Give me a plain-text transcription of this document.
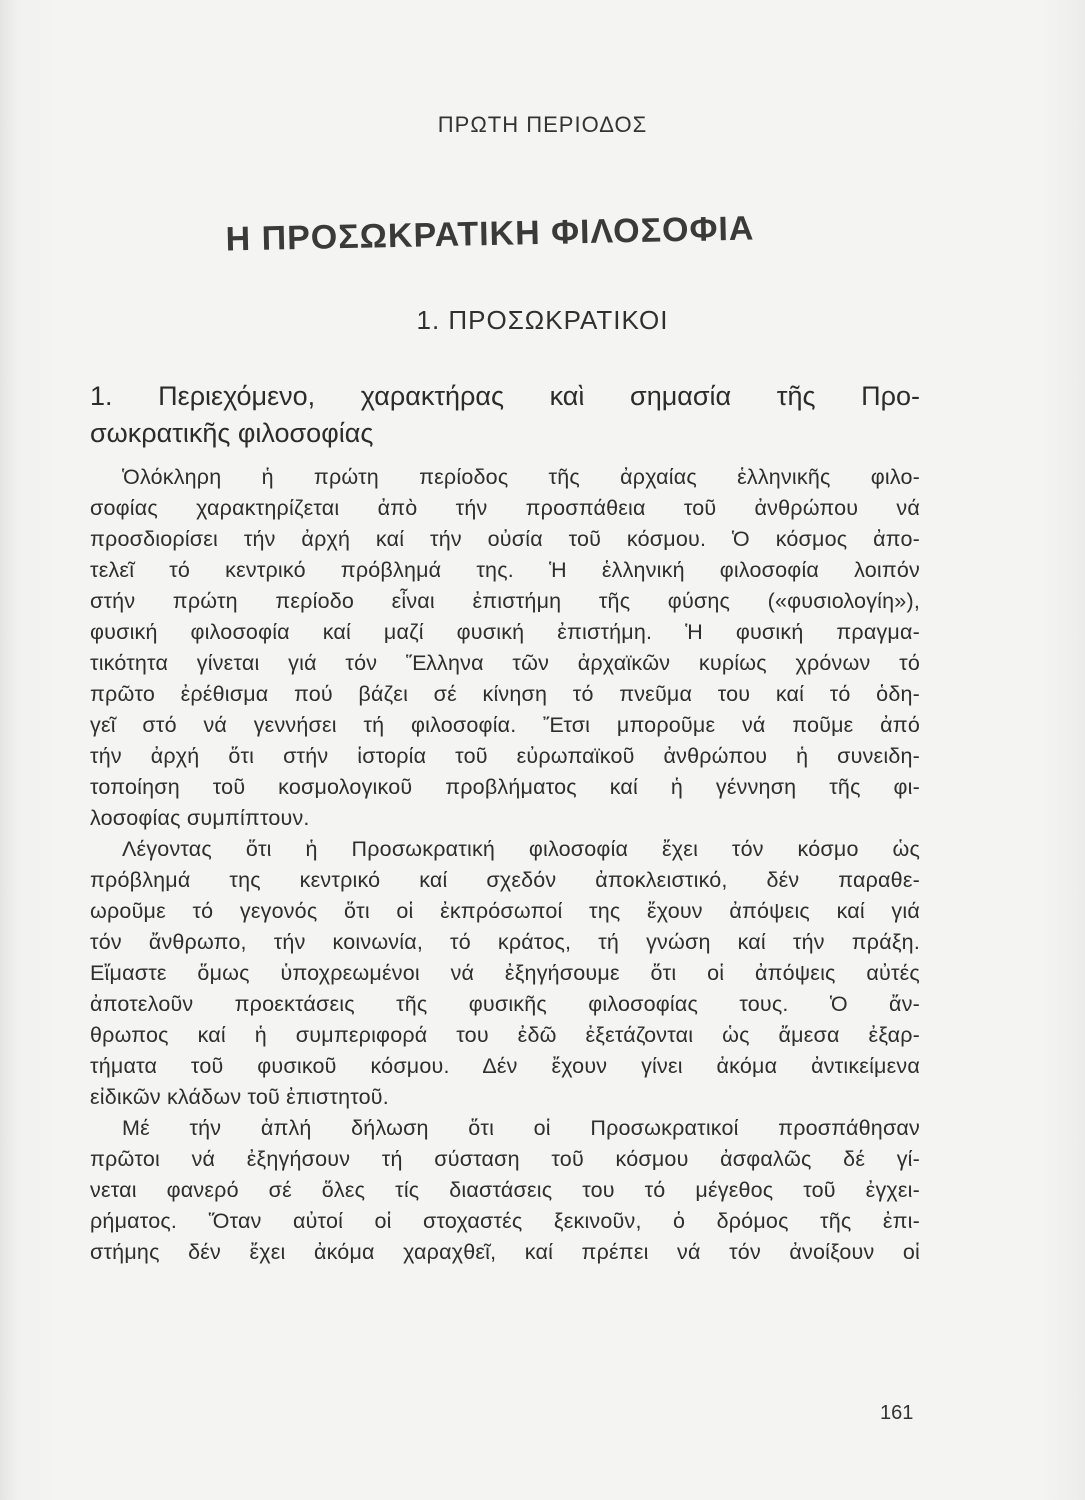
ΠΡΩΤΗ ΠΕΡΙΟΔΟΣ
Η ΠΡΟΣΩΚΡΑΤΙΚΗ ΦΙΛΟΣΟΦΙΑ
1. ΠΡΟΣΩΚΡΑΤΙΚΟΙ
1. Περιεχόμενο, χαρακτήρας καὶ σημασία τῆς Προ-
σωκρατικῆς φιλοσοφίας
Ὁλόκληρη ἡ πρώτη περίοδος τῆς ἀρχαίας ἑλληνικῆς φιλο-
σοφίας χαρακτηρίζεται ἀπὸ τήν προσπάθεια τοῦ ἀνθρώπου νά
προσδιορίσει τήν ἀρχή καί τήν οὐσία τοῦ κόσμου. Ὁ κόσμος ἀπο-
τελεῖ τό κεντρικό πρόβλημά της. Ἡ ἑλληνική φιλοσοφία λοιπόν
στήν πρώτη περίοδο εἶναι ἐπιστήμη τῆς φύσης («φυσιολογίη»),
φυσική φιλοσοφία καί μαζί φυσική ἐπιστήμη. Ἡ φυσική πραγμα-
τικότητα γίνεται γιά τόν Ἕλληνα τῶν ἀρχαϊκῶν κυρίως χρόνων τό
πρῶτο ἐρέθισμα πού βάζει σέ κίνηση τό πνεῦμα του καί τό ὁδη-
γεῖ στό νά γεννήσει τή φιλοσοφία. Ἔτσι μποροῦμε νά ποῦμε ἀπό
τήν ἀρχή ὅτι στήν ἱστορία τοῦ εὐρωπαϊκοῦ ἀνθρώπου ἡ συνειδη-
τοποίηση τοῦ κοσμολογικοῦ προβλήματος καί ἡ γέννηση τῆς φι-
λοσοφίας συμπίπτουν.
Λέγοντας ὅτι ἡ Προσωκρατική φιλοσοφία ἔχει τόν κόσμο ὡς
πρόβλημά της κεντρικό καί σχεδόν ἀποκλειστικό, δέν παραθε-
ωροῦμε τό γεγονός ὅτι οἱ ἐκπρόσωποί της ἔχουν ἀπόψεις καί γιά
τόν ἄνθρωπο, τήν κοινωνία, τό κράτος, τή γνώση καί τήν πράξη.
Εἴμαστε ὅμως ὑποχρεωμένοι νά ἐξηγήσουμε ὅτι οἱ ἀπόψεις αὐτές
ἀποτελοῦν προεκτάσεις τῆς φυσικῆς φιλοσοφίας τους. Ὁ ἄν-
θρωπος καί ἡ συμπεριφορά του ἐδῶ ἐξετάζονται ὡς ἄμεσα ἐξαρ-
τήματα τοῦ φυσικοῦ κόσμου. Δέν ἔχουν γίνει ἀκόμα ἀντικείμενα
εἰδικῶν κλάδων τοῦ ἐπιστητοῦ.
Μέ τήν ἁπλή δήλωση ὅτι οἱ Προσωκρατικοί προσπάθησαν
πρῶτοι νά ἐξηγήσουν τή σύσταση τοῦ κόσμου ἀσφαλῶς δέ γί-
νεται φανερό σέ ὅλες τίς διαστάσεις του τό μέγεθος τοῦ ἐγχει-
ρήματος. Ὅταν αὐτοί οἱ στοχαστές ξεκινοῦν, ὁ δρόμος τῆς ἐπι-
στήμης δέν ἔχει ἀκόμα χαραχθεῖ, καί πρέπει νά τόν ἀνοίξουν οἱ
161
